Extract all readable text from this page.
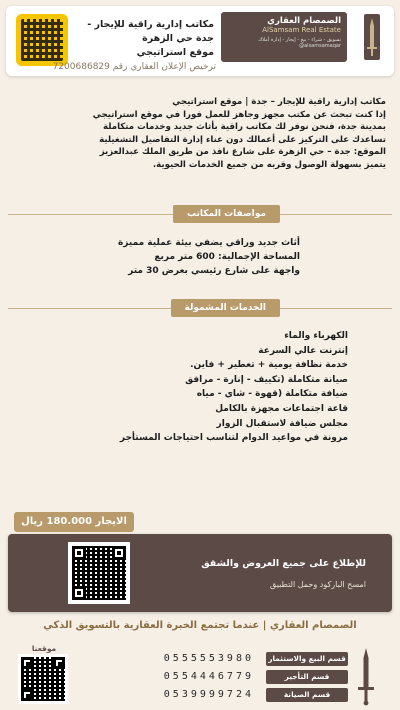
مكاتب إدارية راقية للإيجار - جدة حي الزهرة
موقع استراتيجي
الصمصام العقاري
AlSamsam Real Estate
تسويق - شراء - بيع - إيجار - إدارة أملاك
@alsamsamaqar
ترخيص الإعلان العقاري رقم 7200686829

مكاتب إدارية راقية للإيجار – جدة | موقع استراتيجي

إذا كنت تبحث عن مكتب مجهز وجاهز للعمل فورا في موقع استراتيجي

بمدينة جدة، فنحن نوفر لك مكاتب راقية بأثاث جديد وخدمات متكاملة

تساعدك على التركيز على أعمالك دون عناء إدارة التفاصيل التشغيلية

الموقع: جدة – حي الزهرة على شارع نافذ من طريق الملك عبدالعزيز

يتميز بسهولة الوصول وقربه من جميع الخدمات الحيوية.

مواصفات المكاتب

أثاث جديد وراقي يضفي بيئة عملية مميزة

المساحة الإجمالية: 600 متر مربع

واجهة على شارع رئيسي بعرض 30 متر

الخدمات المشمولة

الكهرباء والماء

إنترنت عالي السرعة

خدمة نظافة يومية + تعطير + فاين.

صيانة متكاملة (تكييف - إنارة - مرافق

ضيافة متكاملة (قهوة - شاي - مياه

قاعة اجتماعات مجهزة بالكامل

مجلس ضيافة لاستقبال الزوار

مرونة في مواعيد الدوام لتناسب احتياجات المستأجر

الايجار 180.000 ريال
للإطلاع على جميع العروض والشقق
امسح الباركود وحمل التطبيق
الصمصام العقاري | عندما تجتمع الخبرة العقارية بالتسويق الذكي
قسم البيع والاستثمار
0555553980
قسم التأجير
0554446779
قسم الصيانة
0539999724
موقعنا
